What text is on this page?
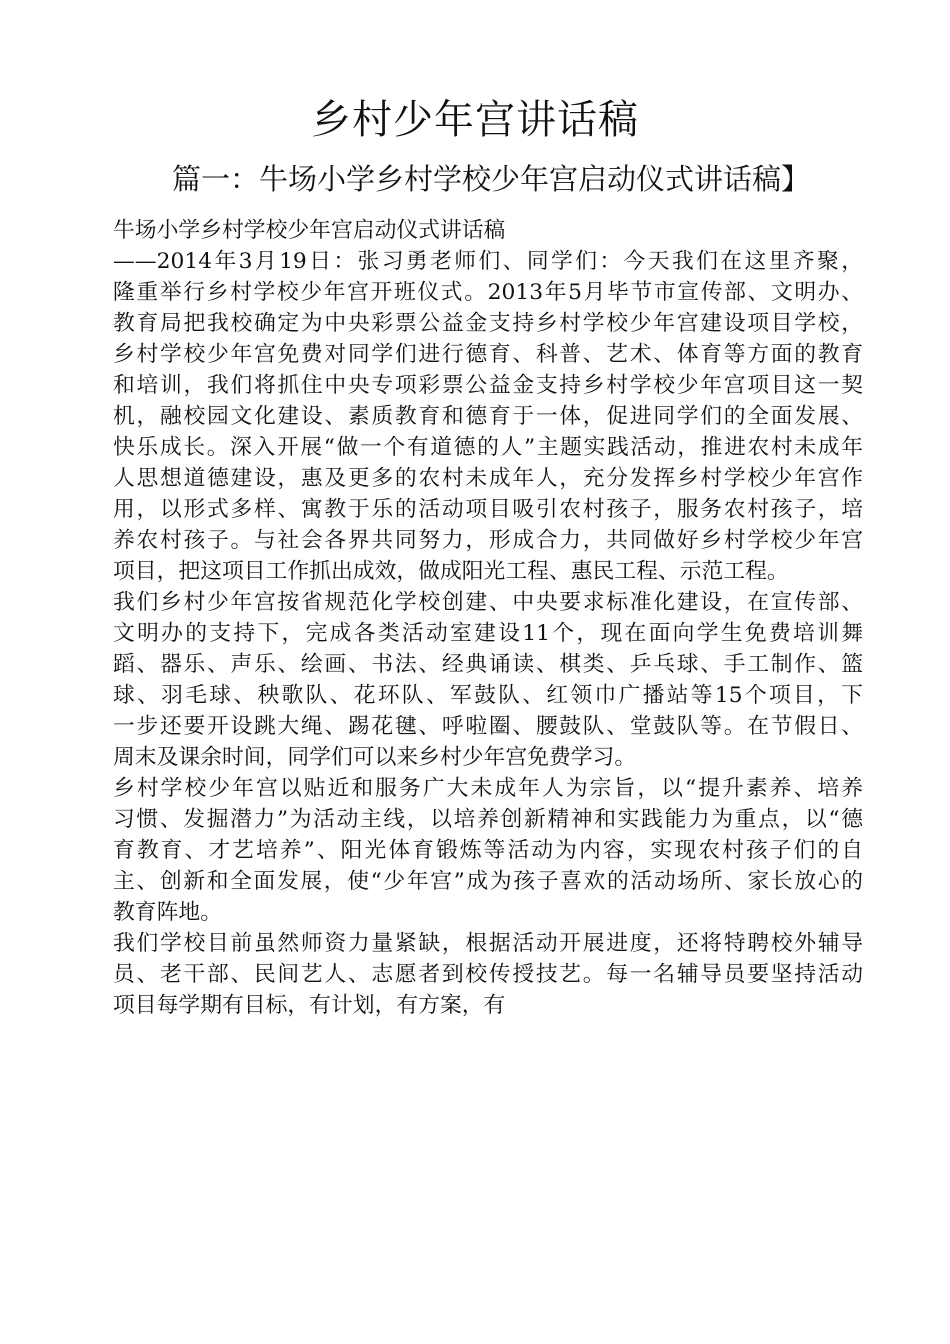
乡村少年宫讲话稿
篇一：牛场小学乡村学校少年宫启动仪式讲话稿】
牛场小学乡村学校少年宫启动仪式讲话稿
——2014年3月19日：张习勇老师们、同学们：今天我们在这里齐聚，
隆重举行乡村学校少年宫开班仪式。2013年5月毕节市宣传部、文明办、
教育局把我校确定为中央彩票公益金支持乡村学校少年宫建设项目学校，
乡村学校少年宫免费对同学们进行德育、科普、艺术、体育等方面的教育
和培训，我们将抓住中央专项彩票公益金支持乡村学校少年宫项目这一契
机，融校园文化建设、素质教育和德育于一体，促进同学们的全面发展、
快乐成长。深入开展“做一个有道德的人”主题实践活动，推进农村未成年
人思想道德建设，惠及更多的农村未成年人，充分发挥乡村学校少年宫作
用，以形式多样、寓教于乐的活动项目吸引农村孩子，服务农村孩子，培
养农村孩子。与社会各界共同努力，形成合力，共同做好乡村学校少年宫
项目，把这项目工作抓出成效，做成阳光工程、惠民工程、示范工程。
我们乡村少年宫按省规范化学校创建、中央要求标准化建设，在宣传部、
文明办的支持下，完成各类活动室建设11个，现在面向学生免费培训舞
蹈、器乐、声乐、绘画、书法、经典诵读、棋类、乒乓球、手工制作、篮
球、羽毛球、秧歌队、花环队、军鼓队、红领巾广播站等15个项目，下
一步还要开设跳大绳、踢花毽、呼啦圈、腰鼓队、堂鼓队等。在节假日、
周末及课余时间，同学们可以来乡村少年宫免费学习。
乡村学校少年宫以贴近和服务广大未成年人为宗旨，以“提升素养、培养
习惯、发掘潜力”为活动主线，以培养创新精神和实践能力为重点，以“德
育教育、才艺培养”、阳光体育锻炼等活动为内容，实现农村孩子们的自
主、创新和全面发展，使“少年宫”成为孩子喜欢的活动场所、家长放心的
教育阵地。
我们学校目前虽然师资力量紧缺，根据活动开展进度，还将特聘校外辅导
员、老干部、民间艺人、志愿者到校传授技艺。每一名辅导员要坚持活动
项目每学期有目标，有计划，有方案，有
